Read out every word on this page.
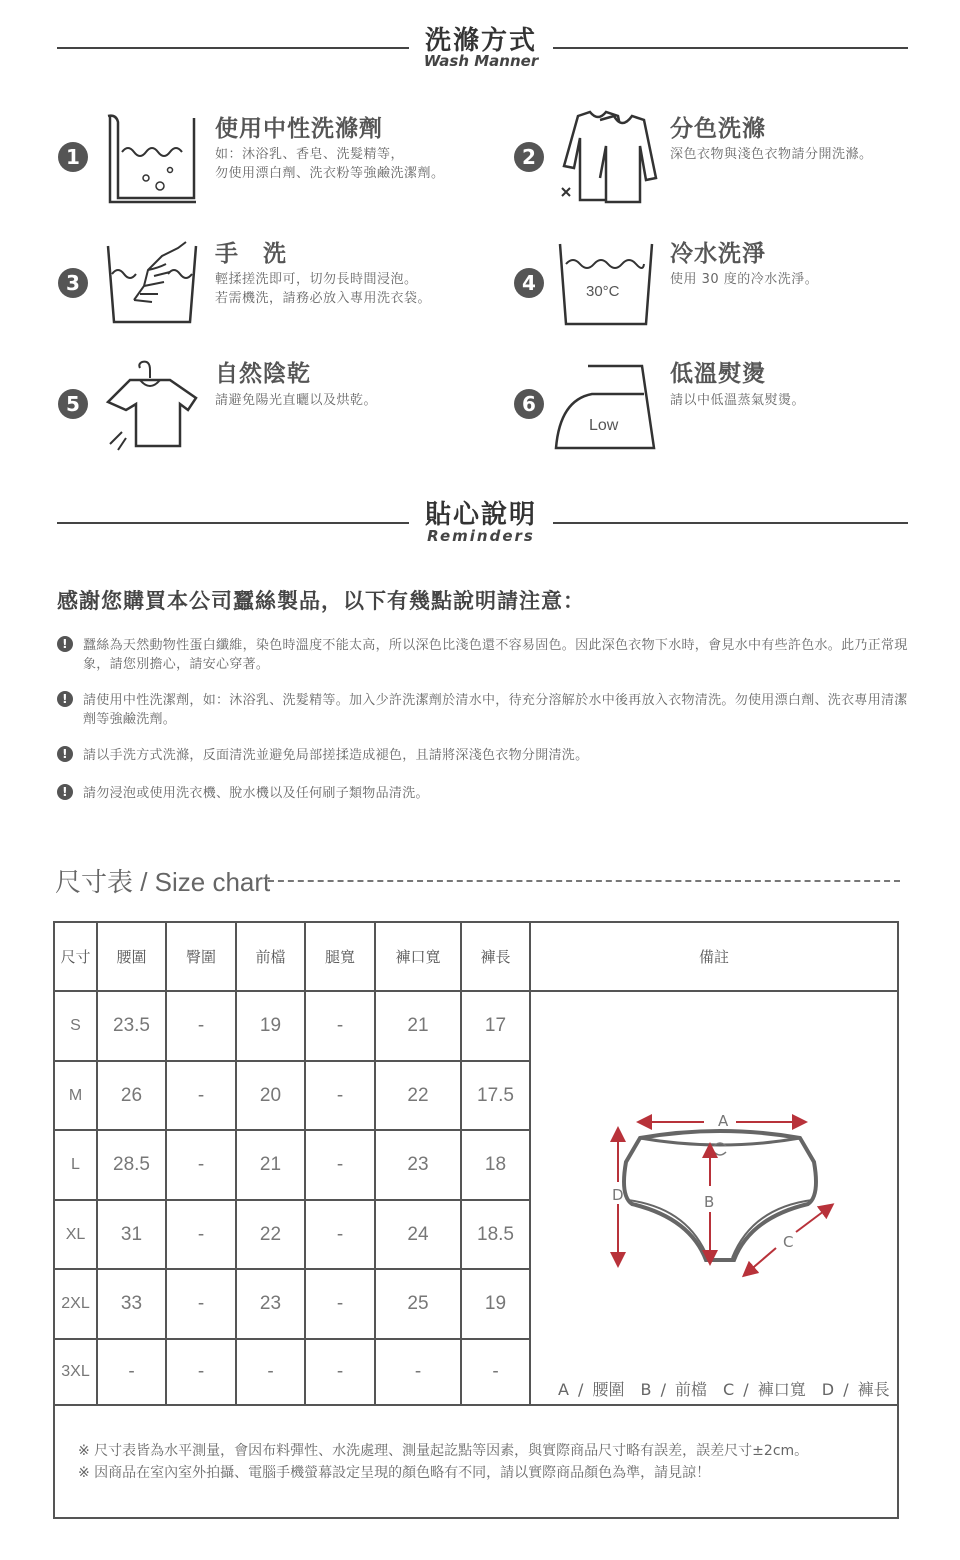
洗滌方式
Wash Manner
1
使用中性洗滌劑
如：沐浴乳、香皂、洗髮精等，
勿使用漂白劑、洗衣粉等強鹼洗潔劑。
2
分色洗滌
深色衣物與淺色衣物請分開洗滌。
3
手　洗
輕揉搓洗即可，切勿長時間浸泡。
若需機洗，請務必放入專用洗衣袋。
4	30°C
冷水洗淨
使用 30 度的冷水洗淨。
5
自然陰乾
請避免陽光直曬以及烘乾。	6
Low
低溫熨燙
請以中低溫蒸氣熨燙。
貼心說明
Reminders
感謝您購買本公司蠶絲製品，以下有幾點說明請注意：
!	蠶絲為天然動物性蛋白纖維，染色時溫度不能太高，所以深色比淺色還不容易固色。因此深色衣物下水時，會見水中有些許色水。此乃正常現象，請您別擔心，請安心穿著。
!	請使用中性洗潔劑，如：沐浴乳、洗髮精等。加入少許洗潔劑於清水中，待充分溶解於水中後再放入衣物清洗。勿使用漂白劑、洗衣專用清潔劑等強鹼洗劑。
!	請以手洗方式洗滌，反面清洗並避免局部搓揉造成褪色，且請將深淺色衣物分開清洗。
!	請勿浸泡或使用洗衣機、脫水機以及任何刷子類物品清洗。
尺寸表 / Size chart
尺寸	腰圍	臀圍	前檔	腿寬	褲口寬	褲長	備註
S	23.5	-	19	-	21	17
M	26	-	20	-	22	17.5
L	28.5	-	21	-	23	18
XL	31	-	22	-	24	18.5
2XL	33	-	23	-	25	19
3XL	-	-	-	-	-	-
A
B
C
D
A / 腰圍　B / 前檔　C / 褲口寬　D / 褲長
※ 尺寸表皆為水平測量，會因布料彈性、水洗處理、測量起訖點等因素，與實際商品尺寸略有誤差，誤差尺寸±2cm。
※ 因商品在室內室外拍攝、電腦手機螢幕設定呈現的顏色略有不同，請以實際商品顏色為準，請見諒！
